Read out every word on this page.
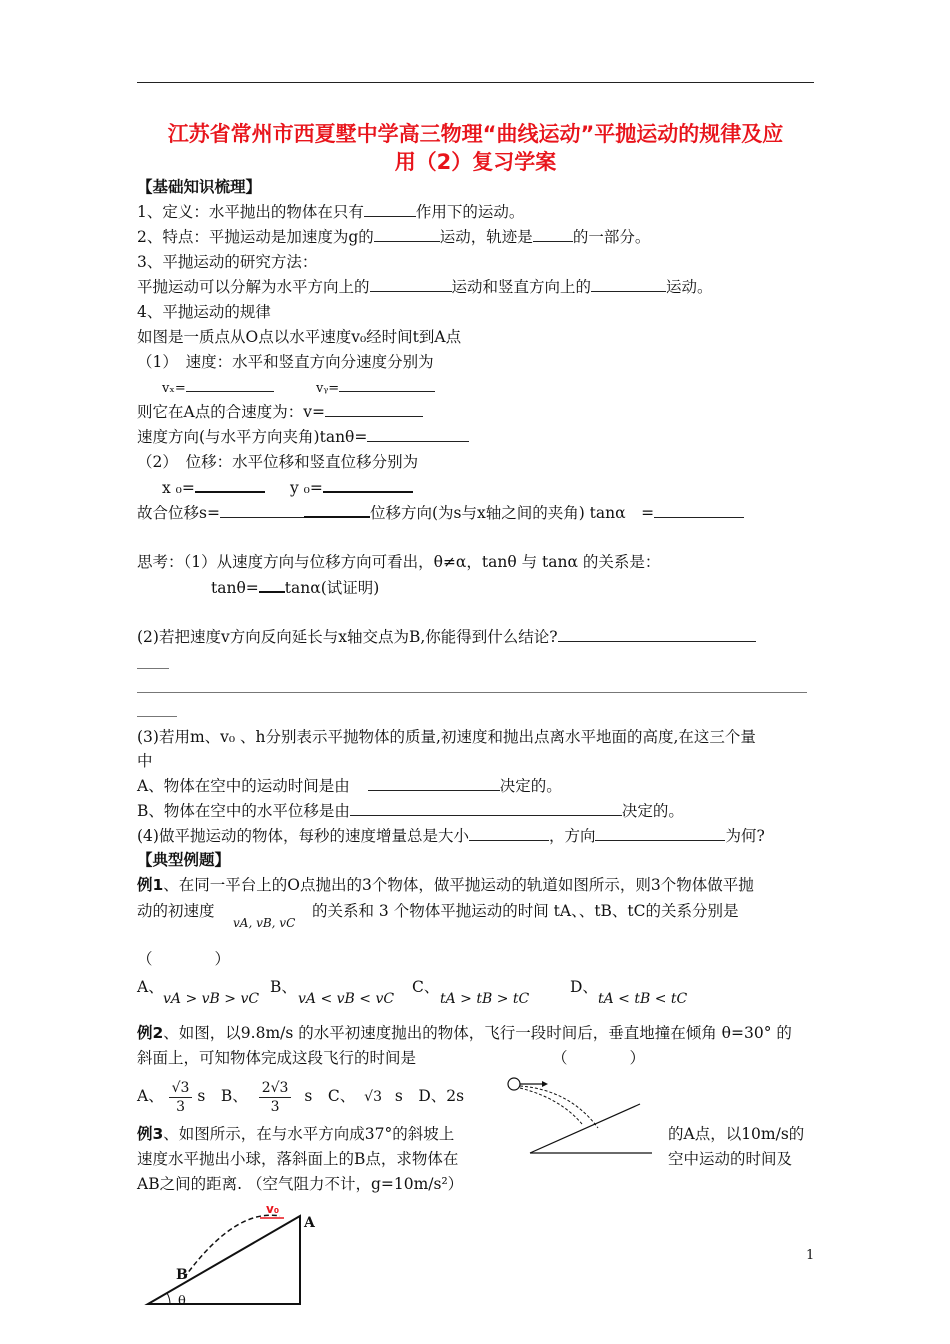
江苏省常州市西夏墅中学高三物理“曲线运动”平抛运动的规律及应
用（2）复习学案
【基础知识梳理】
1、定义：水平抛出的物体在只有	作用下的运动。
2、特点：平抛运动是加速度为g的	运动，轨迹是	的一部分。
3、平抛运动的研究方法：
平抛运动可以分解为水平方向上的	运动和竖直方向上的	运动。
4、平抛运动的规律
如图是一质点从O点以水平速度v₀经时间t到A点
（1）　速度：水平和竖直方向分速度分别为
vₓ=	vᵧ=
则它在A点的合速度为：v=
速度方向(与水平方向夹角)tanθ=
（2）　位移：水平位移和竖直位移分别为
x ₀=	y ₀=
故合位移s=	位移方向(为s与x轴之间的夹角) tanα　=
思考：（1）从速度方向与位移方向可看出，θ≠α，tanθ 与 tanα 的关系是：
tanθ= tanα(试证明)
(2)若把速度v方向反向延长与x轴交点为B,你能得到什么结论?
(3)若用m、v₀ 、h分别表示平抛物体的质量,初速度和抛出点离水平地面的高度,在这三个量
中
A、物体在空中的运动时间是由	决定的。
B、物体在空中的水平位移是由	决定的。
(4)做平抛运动的物体，每秒的速度增量总是大小	，方向	为何?
【典型例题】
例1、在同一平台上的O点抛出的3个物体，做平抛运动的轨道如图所示，则3个物体做平抛
动的初速度
vA, vB, vC
的关系和 3 个物体平抛运动的时间 tA、、tB、tC的关系分别是
（　　　　）
A、
vA > vB > vC
B、
vA < vB < vC
C、
tA > tB > tC
D、
tA < tB < tC
例2、如图，以9.8m/s 的水平初速度抛出的物体，飞行一段时间后，垂直地撞在倾角 θ=30° 的
斜面上，可知物体完成这段飞行的时间是	（　　　　）
A、 $\frac{√3}{3}$ s　B、 $\frac{2√3}{3}$ s　C、 √3 s　D、2s
例3、如图所示，在与水平方向成37°的斜坡上	的A点，以10m/s的
速度水平抛出小球，落斜面上的B点，求物体在	空中运动的时间及
AB之间的距离. （空气阻力不计，g=10m/s²）
v₀
A
B
θ
1
